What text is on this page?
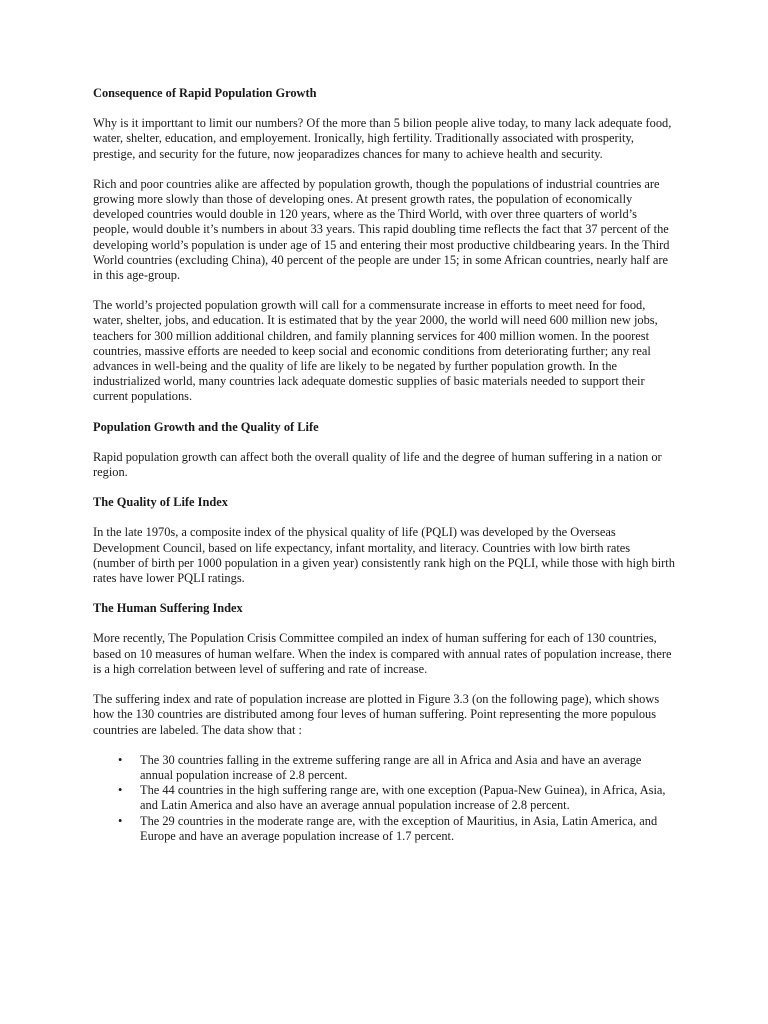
Consequence of Rapid Population Growth

Why is it importtant to limit our numbers? Of the more than 5 bilion people alive today, to many lack adequate food, water, shelter, education, and employement. Ironically, high fertility. Traditionally associated with prosperity, prestige, and security for the future, now jeoparadizes chances for many to achieve health and security.

Rich and poor countries alike are affected by population growth, though the populations of industrial countries are growing more slowly than those of developing ones. At present growth rates, the population of economically developed countries would double in 120 years, where as the Third World, with over three quarters of world’s people, would double it’s numbers in about 33 years. This rapid doubling time reflects the fact that 37 percent of the developing world’s population is under age of 15 and entering their most productive childbearing years. In the Third World countries (excluding China), 40 percent of the people are under 15; in some African countries, nearly half are in this age-group.

The world’s projected population growth will call for a commensurate increase in efforts to meet need for food, water, shelter, jobs, and education. It is estimated that by the year 2000, the world will need 600 million new jobs, teachers for 300 million additional children, and family planning services for 400 million women. In the poorest countries, massive efforts are needed to keep social and economic conditions from deteriorating further; any real advances in well-being and the quality of life are likely to be negated by further population growth. In the industrialized world, many countries lack adequate domestic supplies of basic materials needed to support their current populations.

Population Growth and the Quality of Life

Rapid population growth can affect both the overall quality of life and the degree of human suffering in a nation or region.

The Quality of Life Index

In the late 1970s, a composite index of the physical quality of life (PQLI) was developed by the Overseas Development Council, based on life expectancy, infant mortality, and literacy. Countries with low birth rates (number of birth per 1000 population in a given year) consistently rank high on the PQLI, while those with high birth rates have lower PQLI ratings.

The Human Suffering Index

More recently, The Population Crisis Committee compiled an index of human suffering for each of 130 countries, based on 10 measures of human welfare. When the index is compared with annual rates of population increase, there is a high correlation between level of suffering and rate of increase.

The suffering index and rate of population increase are plotted in Figure 3.3 (on the following page), which shows how the 130 countries are distributed among four leves of human suffering. Point representing the more populous countries are labeled. The data show that :

• The 30 countries falling in the extreme suffering range are all in Africa and Asia and have an average annual population increase of 2.8 percent.
• The 44 countries in the high suffering range are, with one exception (Papua-New Guinea), in Africa, Asia, and Latin America and also have an average annual population increase of 2.8 percent.
• The 29 countries in the moderate range are, with the exception of Mauritius, in Asia, Latin America, and Europe and have an average population increase of 1.7 percent.
